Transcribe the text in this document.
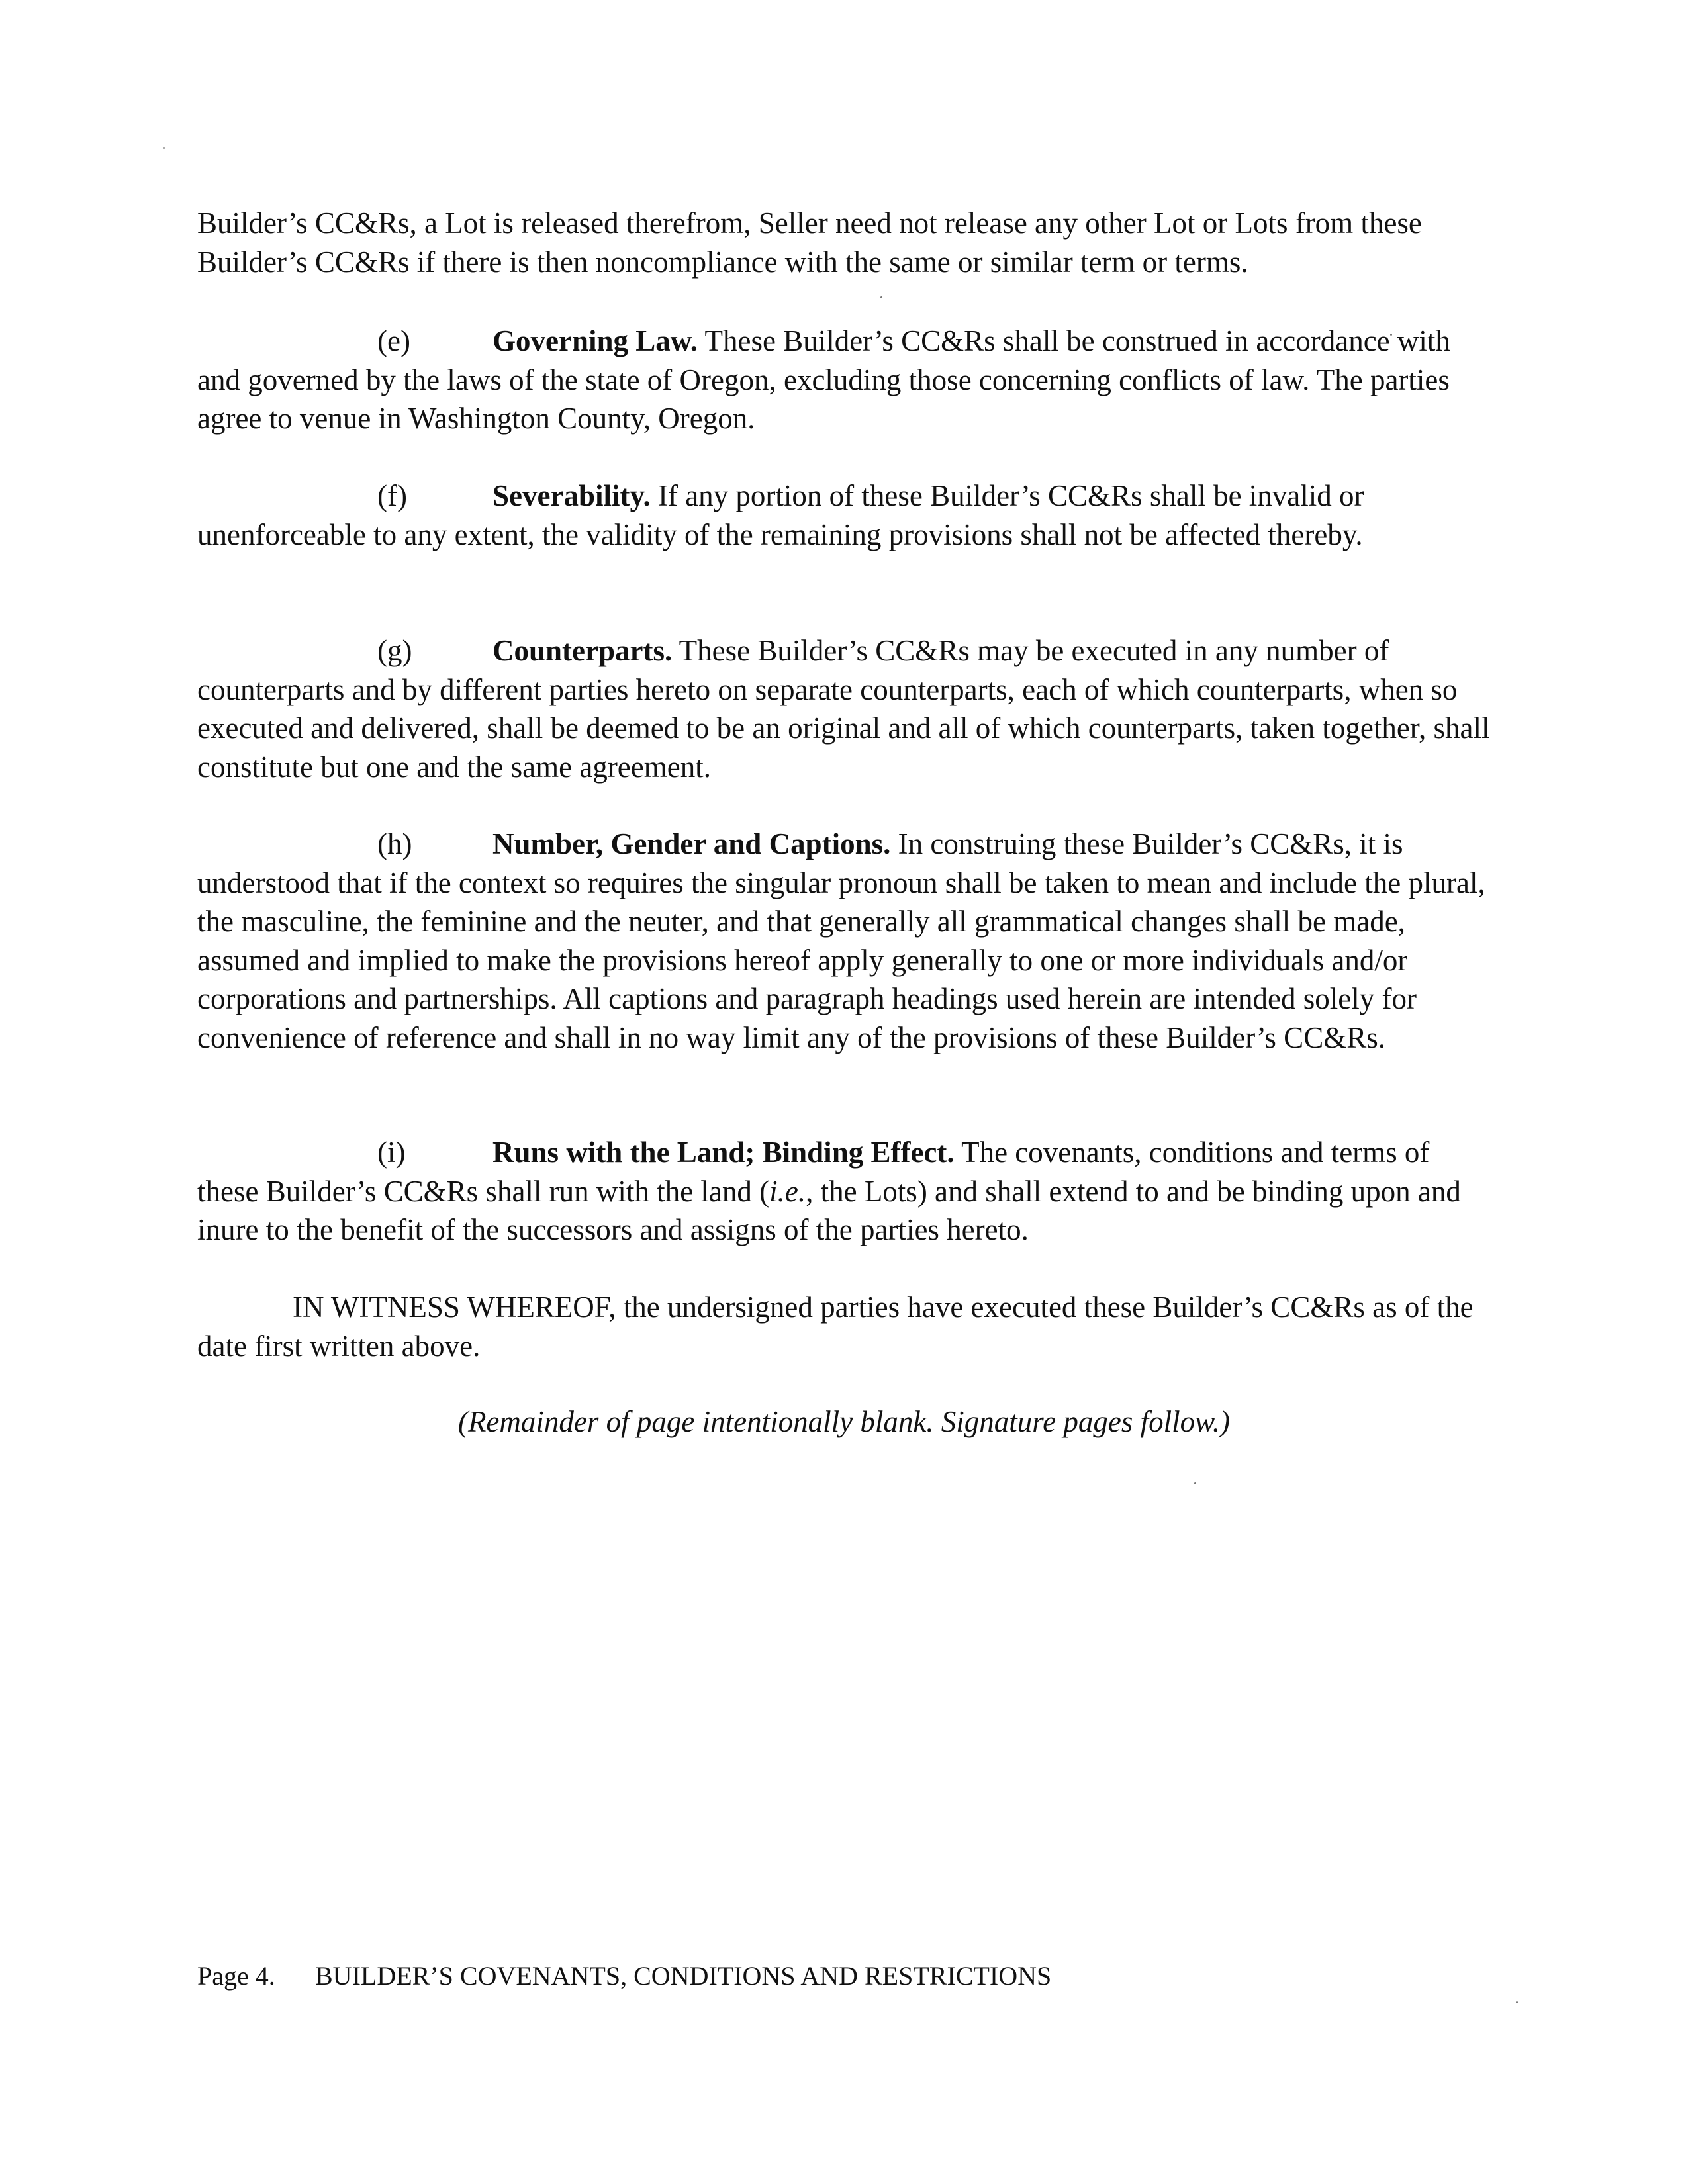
Builder’s CC&Rs, a Lot is released therefrom, Seller need not release any other Lot or Lots from these Builder’s CC&Rs if there is then noncompliance with the same or similar term or terms.

(e)	Governing Law. These Builder’s CC&Rs shall be construed in accordance with and governed by the laws of the state of Oregon, excluding those concerning conflicts of law. The parties agree to venue in Washington County, Oregon.

(f)	Severability. If any portion of these Builder’s CC&Rs shall be invalid or unenforceable to any extent, the validity of the remaining provisions shall not be affected thereby.

(g)	Counterparts. These Builder’s CC&Rs may be executed in any number of counterparts and by different parties hereto on separate counterparts, each of which counterparts, when so executed and delivered, shall be deemed to be an original and all of which counterparts, taken together, shall constitute but one and the same agreement.

(h)	Number, Gender and Captions. In construing these Builder’s CC&Rs, it is understood that if the context so requires the singular pronoun shall be taken to mean and include the plural, the masculine, the feminine and the neuter, and that generally all grammatical changes shall be made, assumed and implied to make the provisions hereof apply generally to one or more individuals and/or corporations and partnerships. All captions and paragraph headings used herein are intended solely for convenience of reference and shall in no way limit any of the provisions of these Builder’s CC&Rs.

(i)	Runs with the Land; Binding Effect. The covenants, conditions and terms of these Builder’s CC&Rs shall run with the land (i.e., the Lots) and shall extend to and be binding upon and inure to the benefit of the successors and assigns of the parties hereto.

IN WITNESS WHEREOF, the undersigned parties have executed these Builder’s CC&Rs as of the date first written above.

(Remainder of page intentionally blank. Signature pages follow.)

Page 4. BUILDER’S COVENANTS, CONDITIONS AND RESTRICTIONS
